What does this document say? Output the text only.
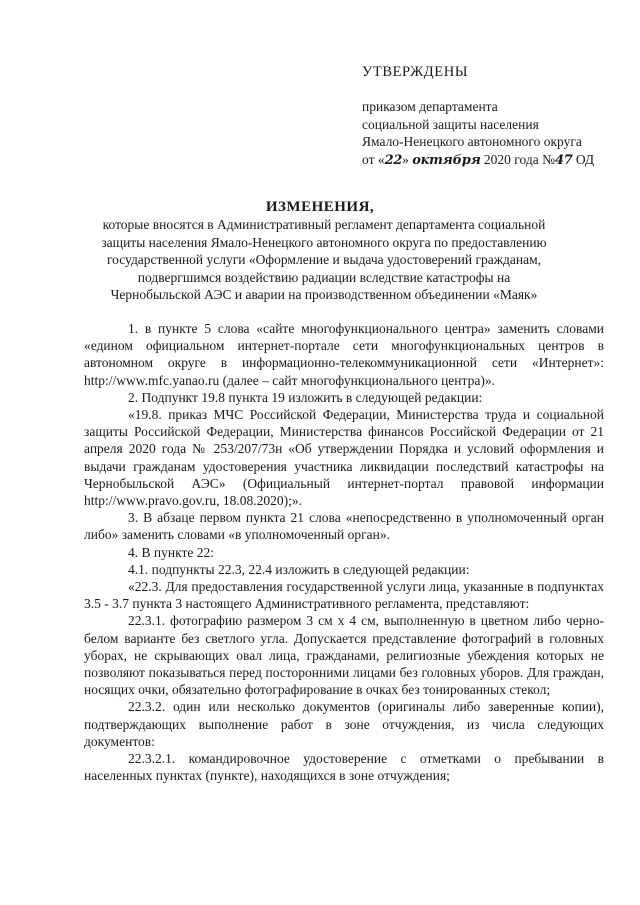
УТВЕРЖДЕНЫ
приказом департамента
социальной защиты населения
Ямало-Ненецкого автономного округа
от «22» октября 2020 года №47 ОД
ИЗМЕНЕНИЯ,
которые вносятся в Административный регламент департамента социальной
защиты населения Ямало-Ненецкого автономного округа по предоставлению
государственной услуги «Оформление и выдача удостоверений гражданам,
подвергшимся воздействию радиации вследствие катастрофы на
Чернобыльской АЭС и аварии на производственном объединении «Маяк»

1. в пункте 5 слова «сайте многофункционального центра» заменить словами «едином официальном интернет-портале сети многофункциональных центров в автономном округе в информационно-телекоммуникационной сети «Интернет»: http://www.mfc.yanao.ru (далее – сайт многофункционального центра)».

2. Подпункт 19.8 пункта 19 изложить в следующей редакции:

«19.8. приказ МЧС Российской Федерации, Министерства труда и социальной защиты Российской Федерации, Министерства финансов Российской Федерации от 21 апреля 2020 года № 253/207/73н «Об утверждении Порядка и условий оформления и выдачи гражданам удостоверения участника ликвидации последствий катастрофы на Чернобыльской АЭС» (Официальный интернет-портал правовой информации http://www.pravo.gov.ru, 18.08.2020);».

3. В абзаце первом пункта 21 слова «непосредственно в уполномоченный орган либо» заменить словами «в уполномоченный орган».

4. В пункте 22:

4.1. подпункты 22.3, 22.4 изложить в следующей редакции:

«22.3. Для предоставления государственной услуги лица, указанные в подпунктах 3.5 - 3.7 пункта 3 настоящего Административного регламента, представляют:

22.3.1. фотографию размером 3 см х 4 см, выполненную в цветном либо черно-белом варианте без светлого угла. Допускается представление фотографий в головных уборах, не скрывающих овал лица, гражданами, религиозные убеждения которых не позволяют показываться перед посторонними лицами без головных уборов. Для граждан, носящих очки, обязательно фотографирование в очках без тонированных стекол;

22.3.2. один или несколько документов (оригиналы либо заверенные копии), подтверждающих выполнение работ в зоне отчуждения, из числа следующих документов:

22.3.2.1. командировочное удостоверение с отметками о пребывании в населенных пунктах (пункте), находящихся в зоне отчуждения;
